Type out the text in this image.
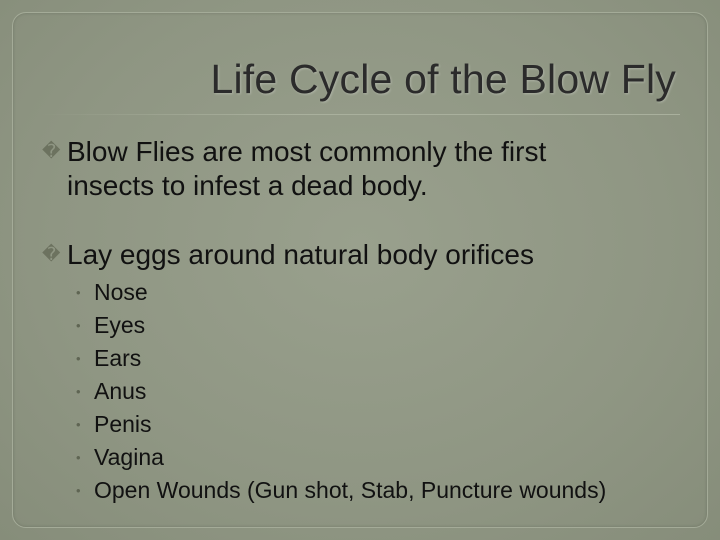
Life Cycle of the Blow Fly
� Blow Flies are most commonly the first
insects to infest a dead body.
� Lay eggs around natural body orifices
• Nose
• Eyes
• Ears
• Anus
• Penis
• Vagina
• Open Wounds (Gun shot, Stab, Puncture wounds)
